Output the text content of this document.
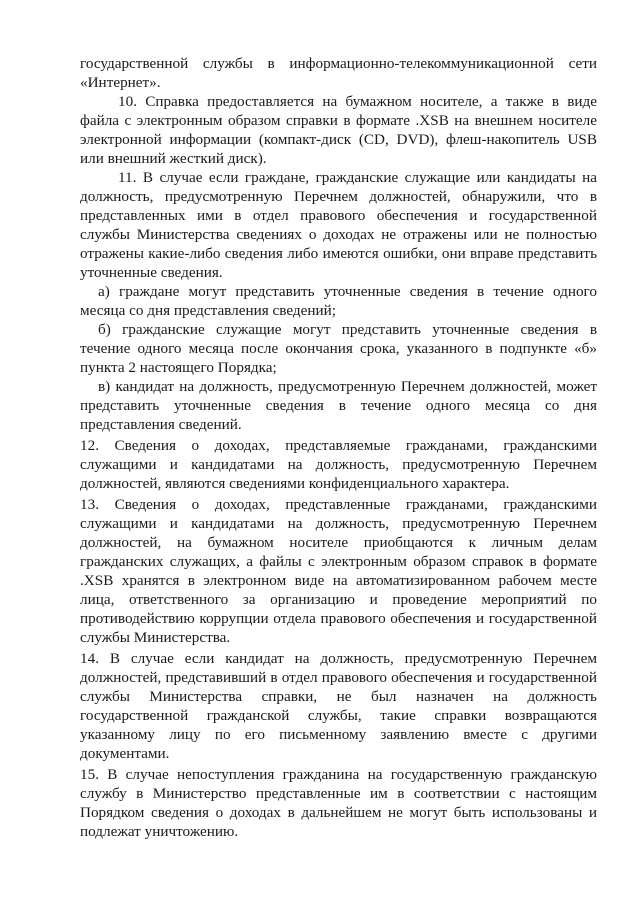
государственной службы в информационно-телекоммуникационной сети «Интернет».

10. Справка предоставляется на бумажном носителе, а также в виде файла с электронным образом справки в формате .XSB на внешнем носителе электронной информации (компакт-диск (CD, DVD), флеш-накопитель USB или внешний жесткий диск).

11. В случае если граждане, гражданские служащие или кандидаты на должность, предусмотренную Перечнем должностей, обнаружили, что в представленных ими в отдел правового обеспечения и государственной службы Министерства сведениях о доходах не отражены или не полностью отражены какие-либо сведения либо имеются ошибки, они вправе представить уточненные сведения.

а) граждане могут представить уточненные сведения в течение одного месяца со дня представления сведений;

б) гражданские служащие могут представить уточненные сведения в течение одного месяца после окончания срока, указанного в подпункте «б» пункта 2 настоящего Порядка;

в) кандидат на должность, предусмотренную Перечнем должностей, может представить уточненные сведения в течение одного месяца со дня представления сведений.

12. Сведения о доходах, представляемые гражданами, гражданскими служащими и кандидатами на должность, предусмотренную Перечнем должностей, являются сведениями конфиденциального характера.

13. Сведения о доходах, представленные гражданами, гражданскими служащими и кандидатами на должность, предусмотренную Перечнем должностей, на бумажном носителе приобщаются к личным делам гражданских служащих, а файлы с электронным образом справок в формате .XSB хранятся в электронном виде на автоматизированном рабочем месте лица, ответственного за организацию и проведение мероприятий по противодействию коррупции отдела правового обеспечения и государственной службы Министерства.

14. В случае если кандидат на должность, предусмотренную Перечнем должностей, представивший в отдел правового обеспечения и государственной службы Министерства справки, не был назначен на должность государственной гражданской службы, такие справки возвращаются указанному лицу по его письменному заявлению вместе с другими документами.

15. В случае непоступления гражданина на государственную гражданскую службу в Министерство представленные им в соответствии с настоящим Порядком сведения о доходах в дальнейшем не могут быть использованы и подлежат уничтожению.
